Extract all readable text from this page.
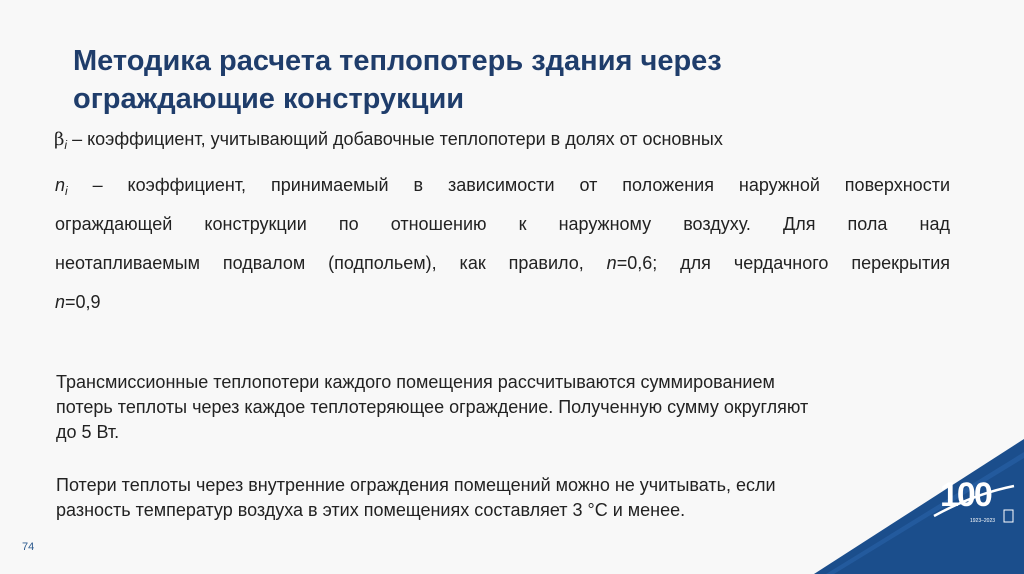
Методика расчета теплопотерь здания через
ограждающие конструкции
$\beta_i$ – коэффициент, учитывающий добавочные теплопотери в долях от основных
$n_i$ – коэффициент, принимаемый в зависимости от положения наружной поверхности
ограждающей конструкции по отношению к наружному воздуху. Для пола над
неотапливаемым подвалом (подпольем), как правило, n=0,6; для чердачного перекрытия
n=0,9
Трансмиссионные теплопотери каждого помещения рассчитываются суммированием
потерь теплоты через каждое теплотеряющее ограждение. Полученную сумму округляют
до 5 Вт.
Потери теплоты через внутренние ограждения помещений можно не учитывать, если
разность температур воздуха в этих помещениях составляет 3 °С и менее.
74
100
1923–2023
